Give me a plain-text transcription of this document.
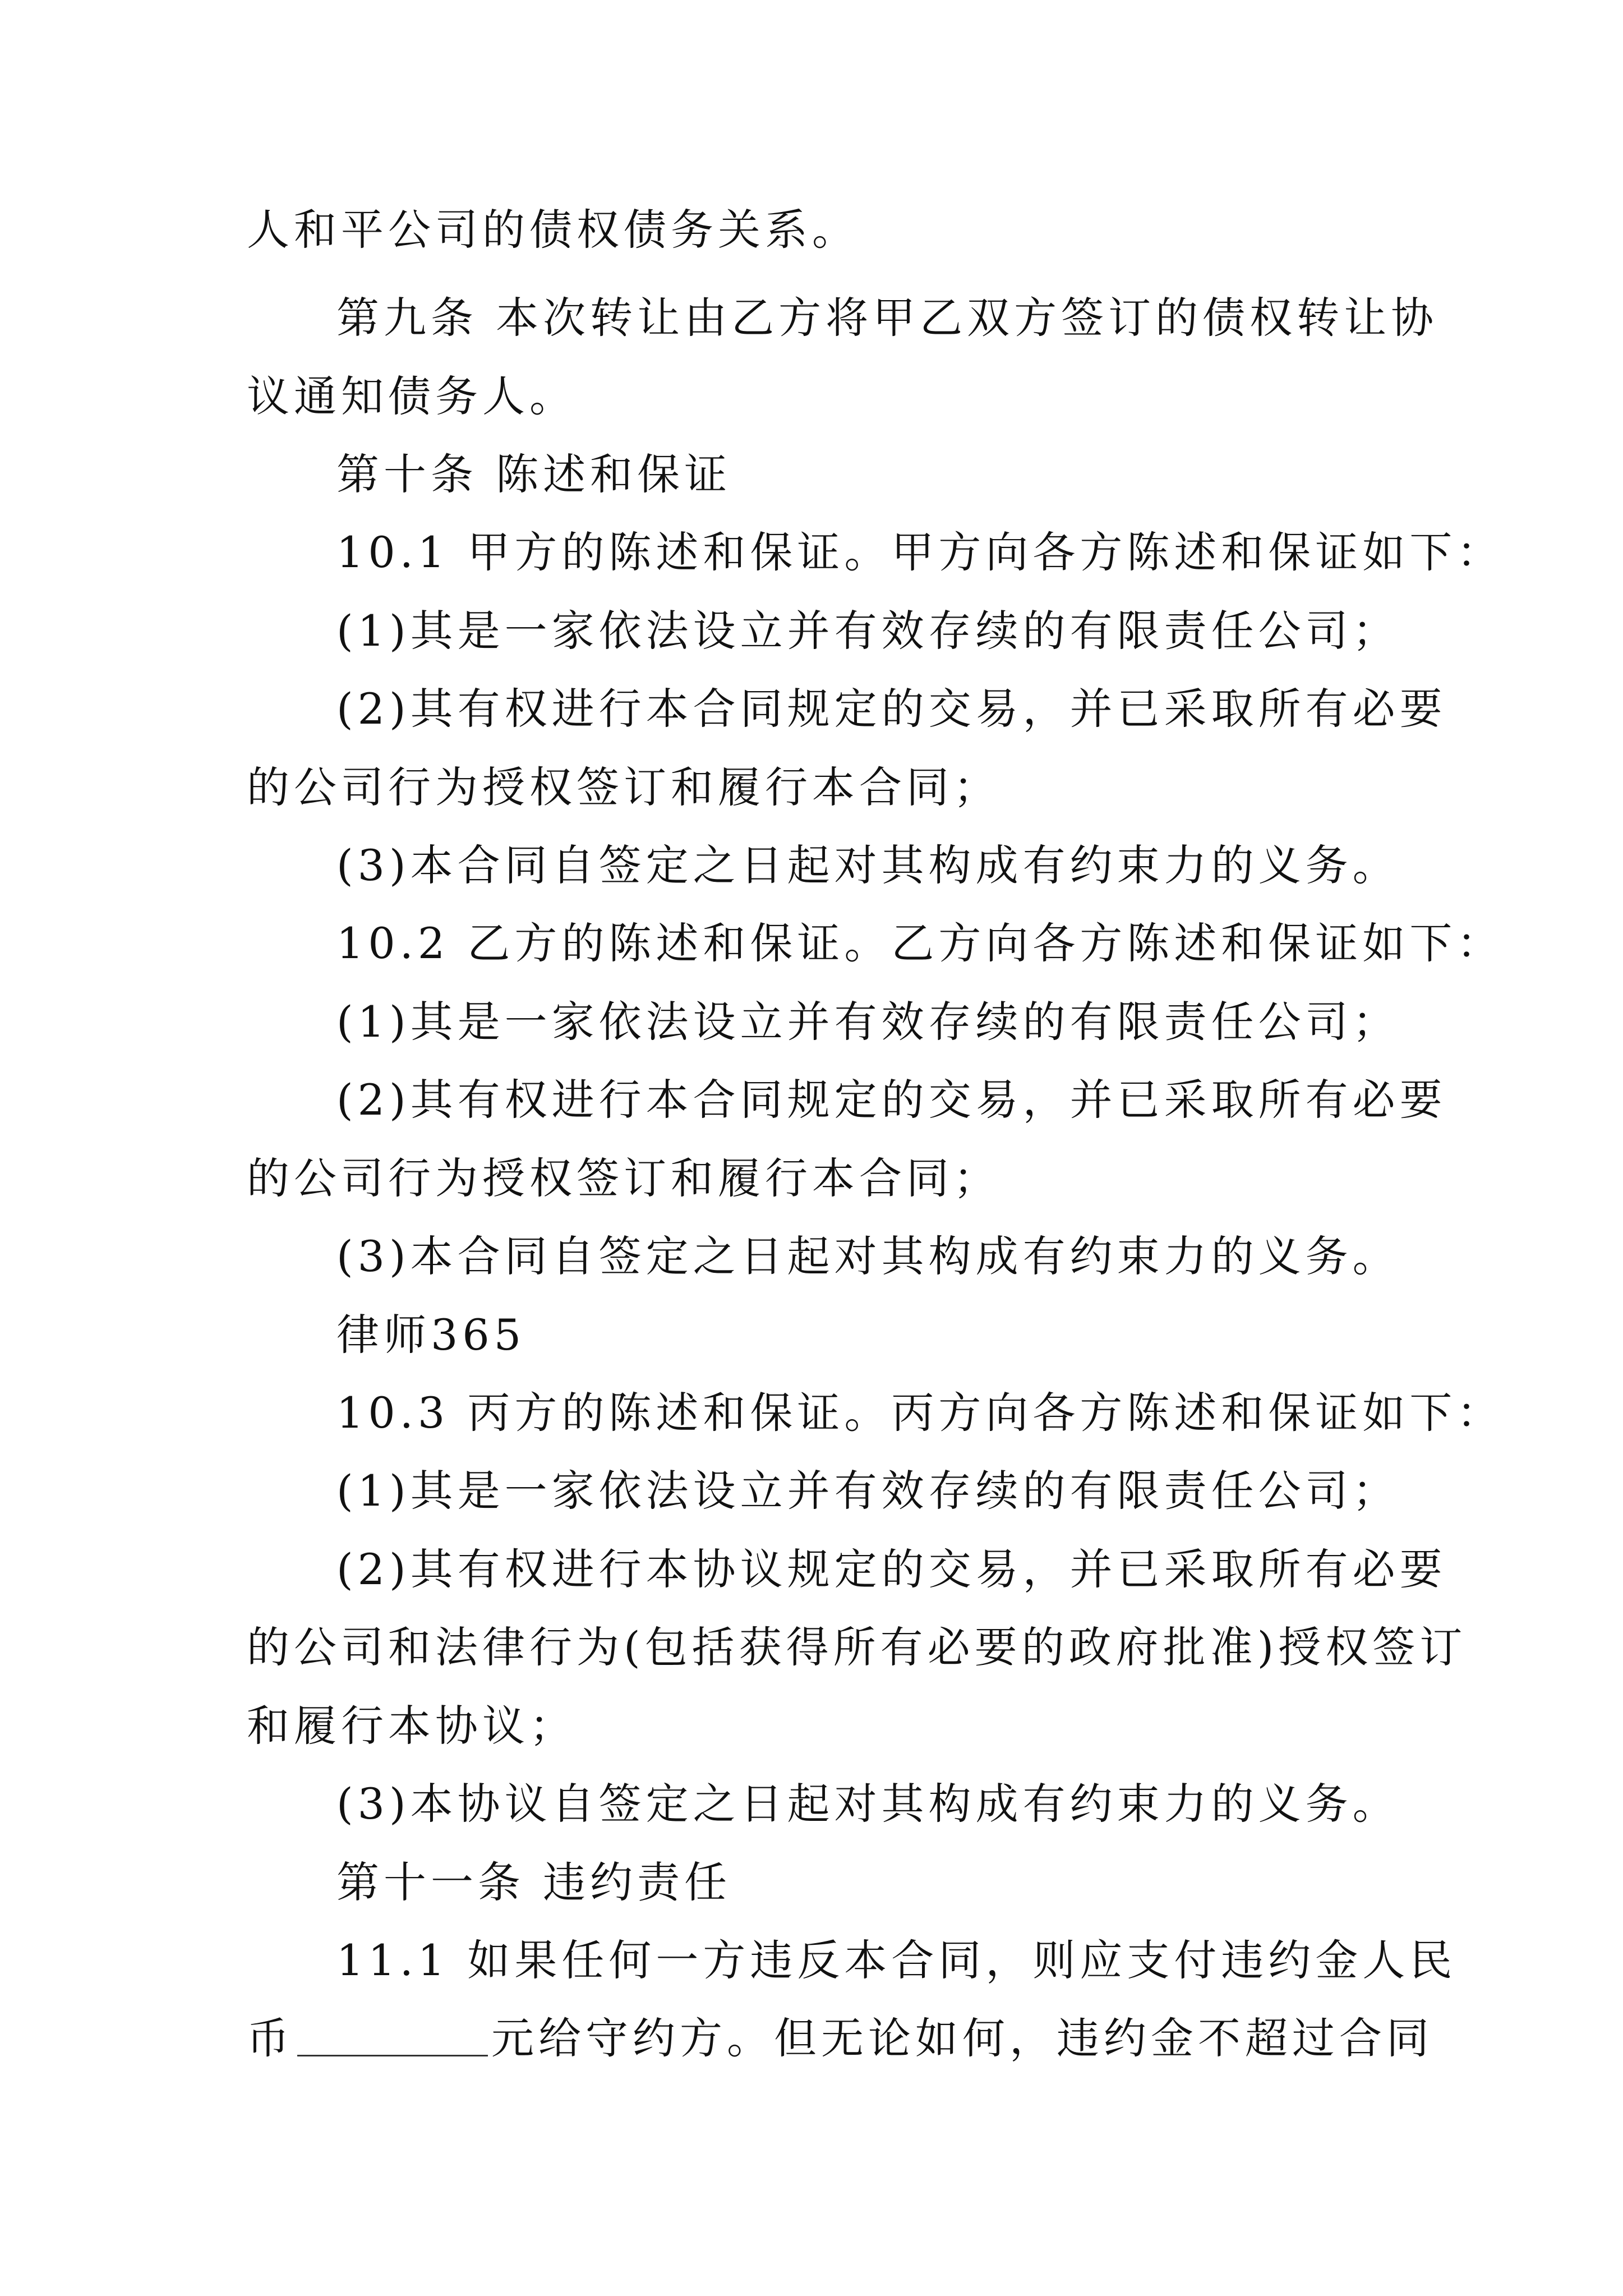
人和平公司的债权债务关系。
第九条 本次转让由乙方将甲乙双方签订的债权转让协
议通知债务人。
第十条 陈述和保证
10.1 甲方的陈述和保证。甲方向各方陈述和保证如下：
(1)其是一家依法设立并有效存续的有限责任公司；
(2)其有权进行本合同规定的交易，并已采取所有必要
的公司行为授权签订和履行本合同；
(3)本合同自签定之日起对其构成有约束力的义务。
10.2 乙方的陈述和保证。乙方向各方陈述和保证如下：
(1)其是一家依法设立并有效存续的有限责任公司；
(2)其有权进行本合同规定的交易，并已采取所有必要
的公司行为授权签订和履行本合同；
(3)本合同自签定之日起对其构成有约束力的义务。
律师365
10.3 丙方的陈述和保证。丙方向各方陈述和保证如下：
(1)其是一家依法设立并有效存续的有限责任公司；
(2)其有权进行本协议规定的交易，并已采取所有必要
的公司和法律行为(包括获得所有必要的政府批准)授权签订
和履行本协议；
(3)本协议自签定之日起对其构成有约束力的义务。
第十一条 违约责任
11.1 如果任何一方违反本合同，则应支付违约金人民
币	元给守约方。但无论如何，违约金不超过合同
